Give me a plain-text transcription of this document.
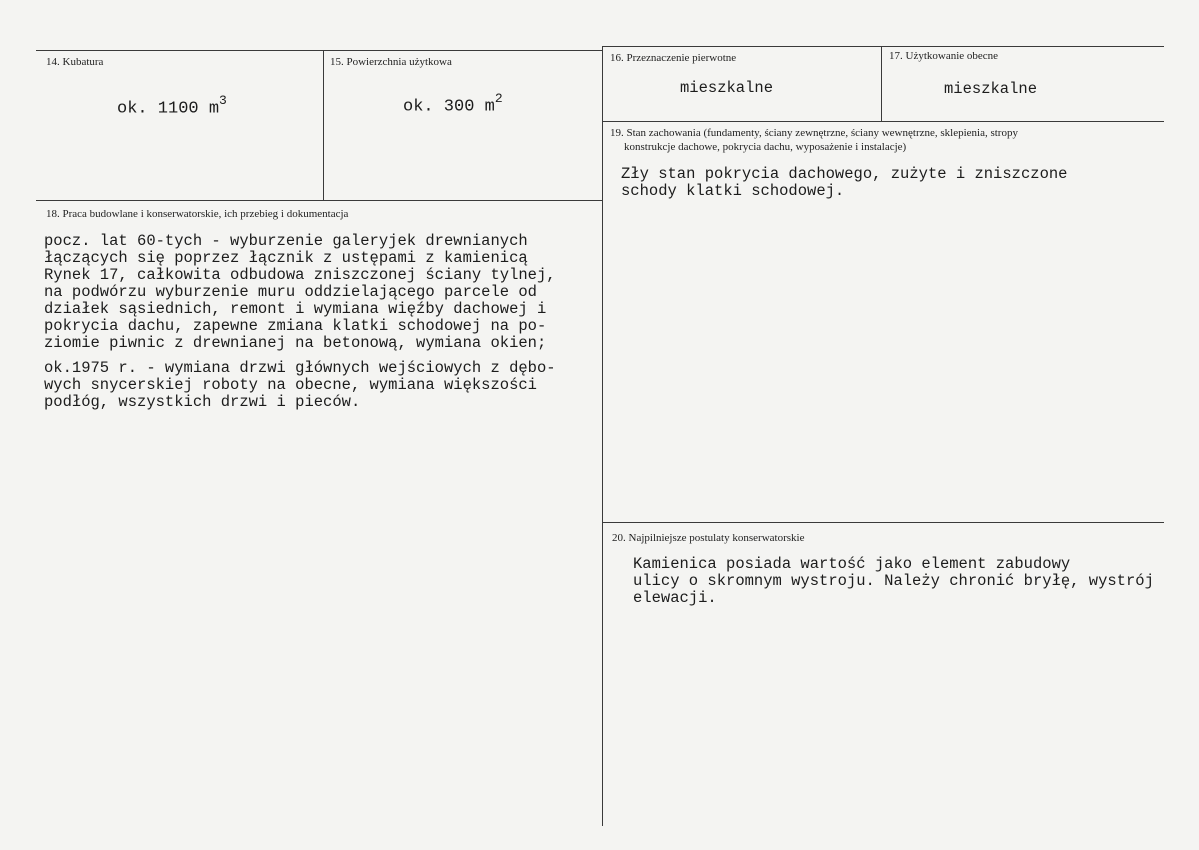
14. Kubatura
ok. 1100 $m^3$
15. Powierzchnia użytkowa
ok. 300 $m^2$
16. Przeznaczenie pierwotne
mieszkalne
17. Użytkowanie obecne
mieszkalne
19. Stan zachowania (fundamenty, ściany zewnętrzne, ściany wewnętrzne, sklepienia, stropy
konstrukcje dachowe, pokrycia dachu, wyposażenie i instalacje)
Zły stan pokrycia dachowego, zużyte i zniszczone
schody klatki schodowej.
18. Praca budowlane i konserwatorskie, ich przebieg i dokumentacja
pocz. lat 60-tych - wyburzenie galeryjek drewnianych
łączących się poprzez łącznik z ustępami z kamienicą
Rynek 17, całkowita odbudowa zniszczonej ściany tylnej,
na podwórzu wyburzenie muru oddzielającego parcele od
działek sąsiednich, remont i wymiana więźby dachowej i
pokrycia dachu, zapewne zmiana klatki schodowej na po-
ziomie piwnic z drewnianej na betonową, wymiana okien;
ok.1975 r. - wymiana drzwi głównych wejściowych z dębo-
wych snycerskiej roboty na obecne, wymiana większości
podłóg, wszystkich drzwi i pieców.
20. Najpilniejsze postulaty konserwatorskie
Kamienica posiada wartość jako element zabudowy
ulicy o skromnym wystroju. Należy chronić bryłę, wystrój
elewacji.
